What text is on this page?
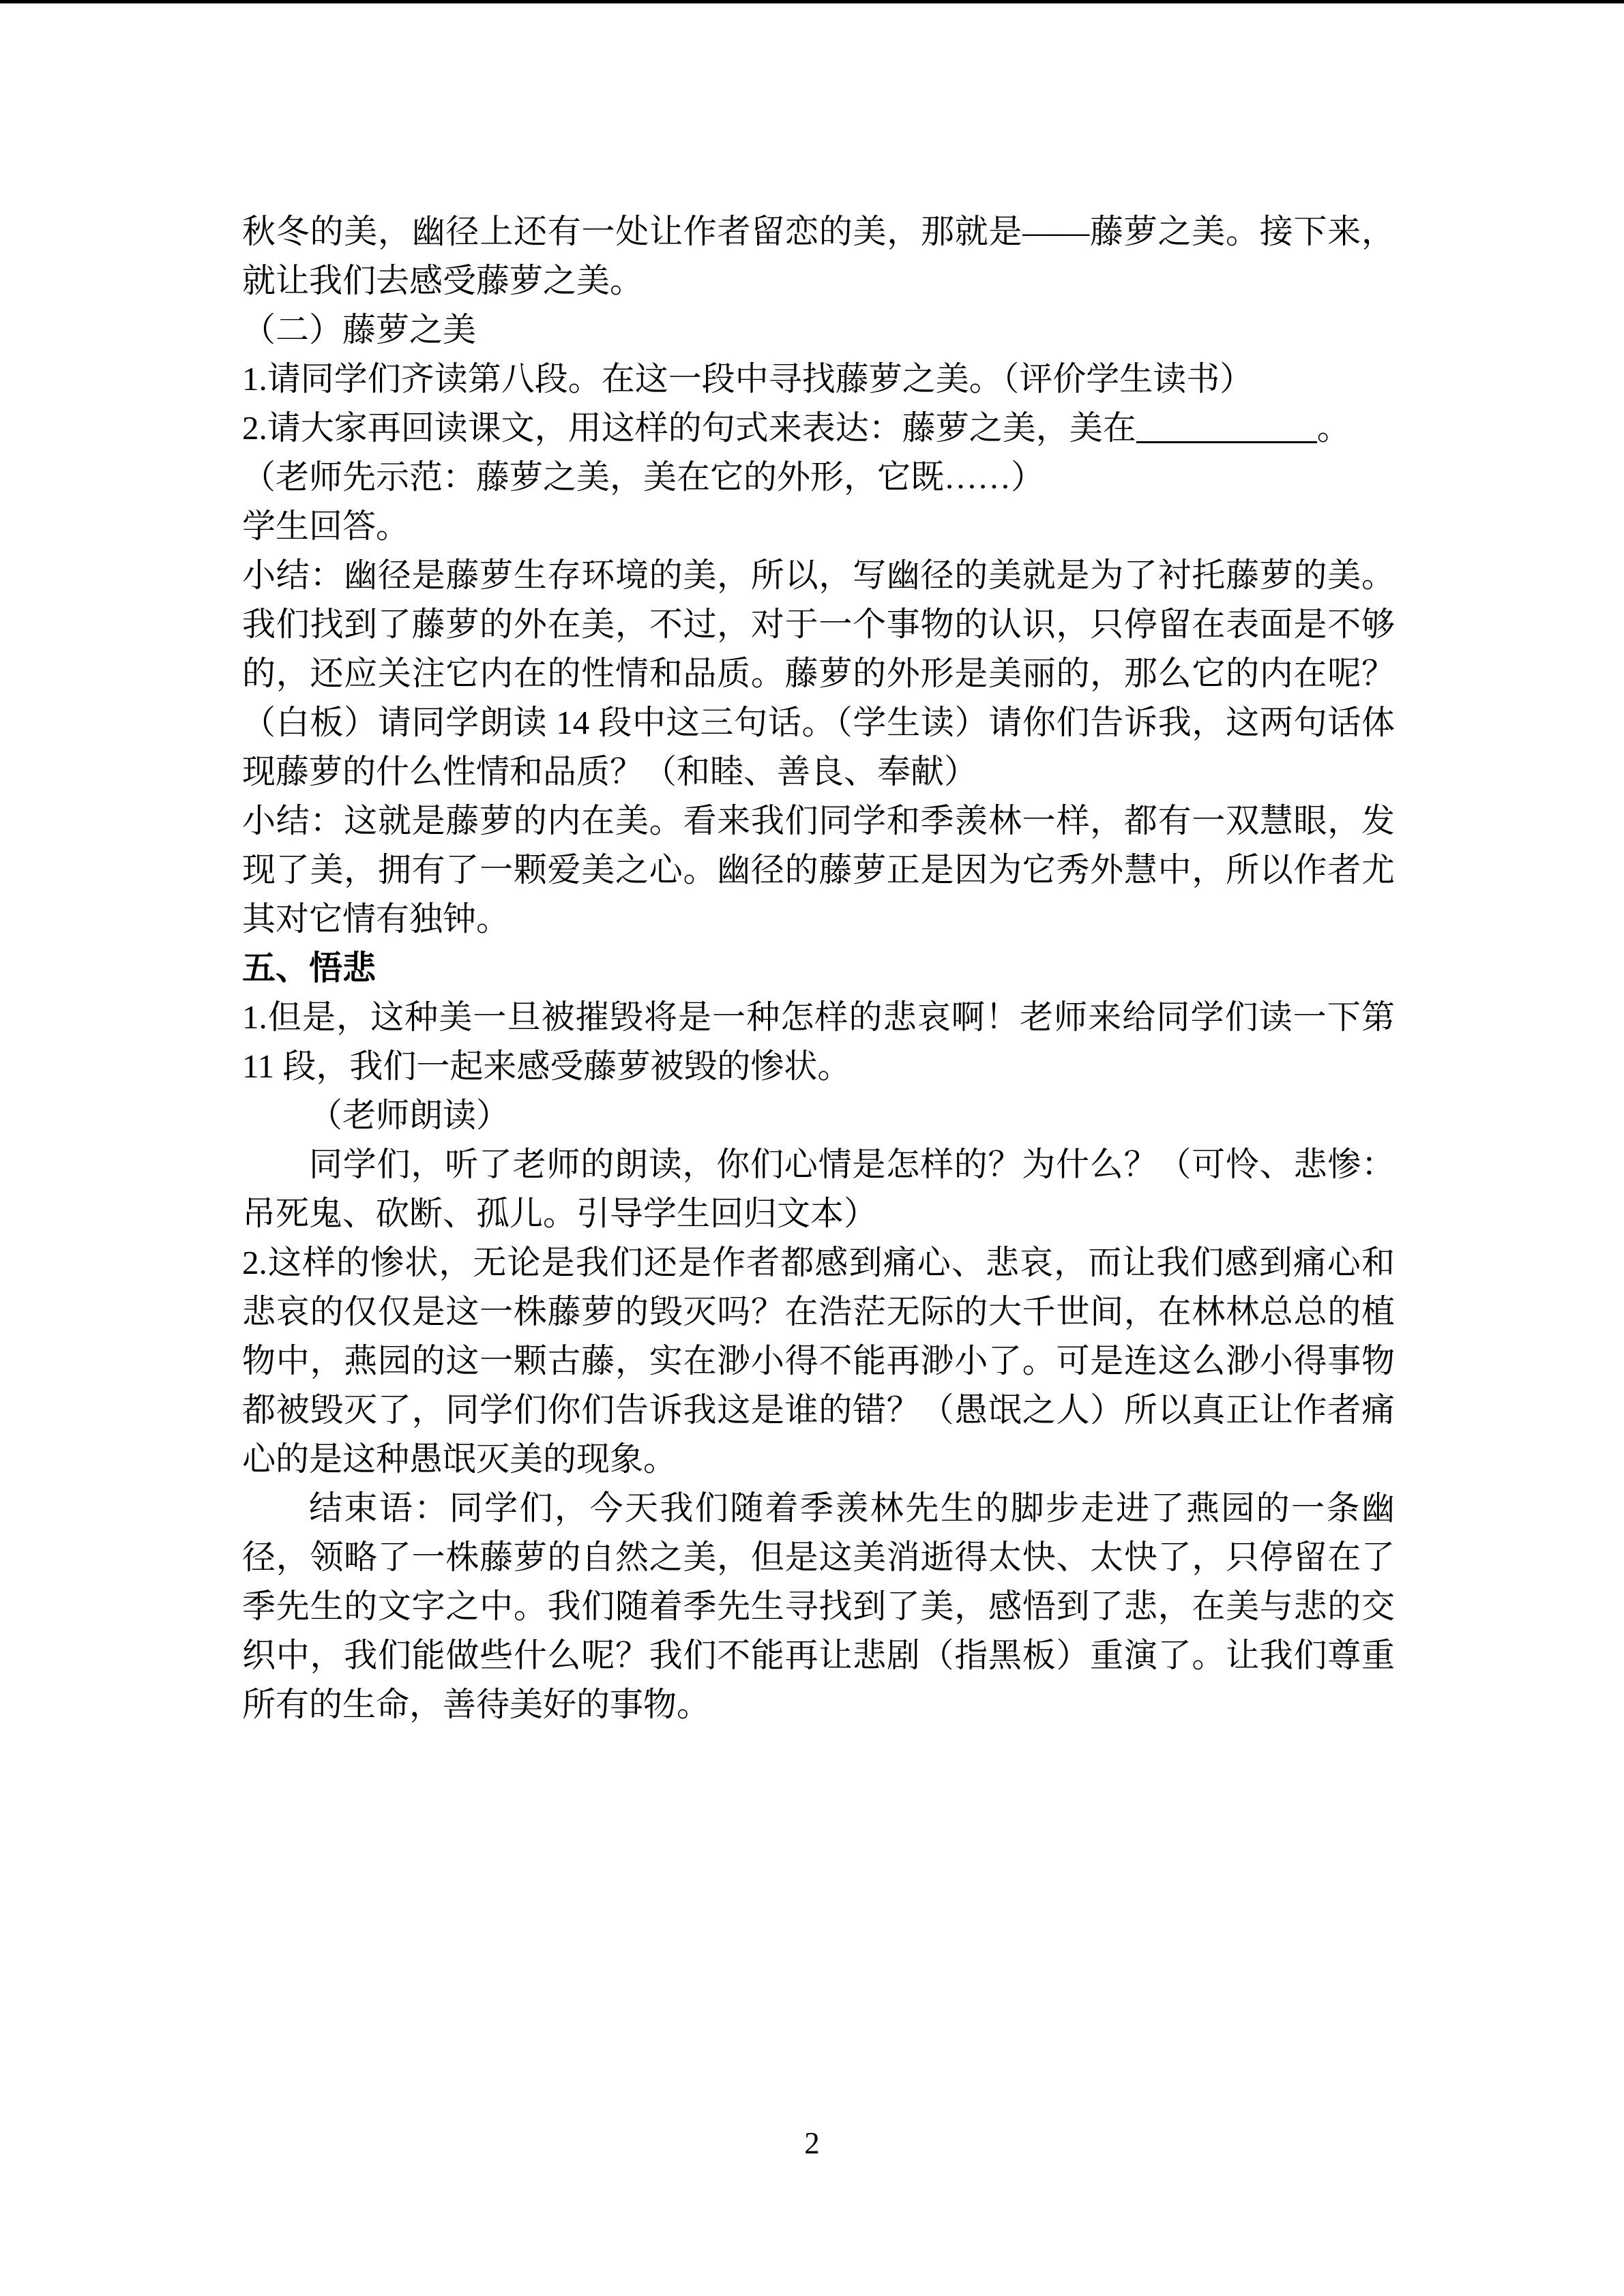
秋冬的美，幽径上还有一处让作者留恋的美，那就是——藤萝之美。接下来，
就让我们去感受藤萝之美。
（二）藤萝之美
1.请同学们齐读第八段。在这一段中寻找藤萝之美。（评价学生读书）
2.请大家再回读课文，用这样的句式来表达：藤萝之美，美在	。
（老师先示范：藤萝之美，美在它的外形，它既……）
学生回答。
小结：幽径是藤萝生存环境的美，所以，写幽径的美就是为了衬托藤萝的美。
我们找到了藤萝的外在美，不过，对于一个事物的认识，只停留在表面是不够
的，还应关注它内在的性情和品质。藤萝的外形是美丽的，那么它的内在呢？
（白板）请同学朗读 14 段中这三句话。（学生读）请你们告诉我，这两句话体
现藤萝的什么性情和品质？（和睦、善良、奉献）
小结：这就是藤萝的内在美。看来我们同学和季羡林一样，都有一双慧眼，发
现了美，拥有了一颗爱美之心。幽径的藤萝正是因为它秀外慧中，所以作者尤
其对它情有独钟。
五、悟悲
1.但是，这种美一旦被摧毁将是一种怎样的悲哀啊！老师来给同学们读一下第
11 段，我们一起来感受藤萝被毁的惨状。
（老师朗读）
同学们，听了老师的朗读，你们心情是怎样的？为什么？（可怜、悲惨：
吊死鬼、砍断、孤儿。引导学生回归文本）
2.这样的惨状，无论是我们还是作者都感到痛心、悲哀，而让我们感到痛心和
悲哀的仅仅是这一株藤萝的毁灭吗？在浩茫无际的大千世间，在林林总总的植
物中，燕园的这一颗古藤，实在渺小得不能再渺小了。可是连这么渺小得事物
都被毁灭了，同学们你们告诉我这是谁的错？（愚氓之人）所以真正让作者痛
心的是这种愚氓灭美的现象。
结束语：同学们，今天我们随着季羡林先生的脚步走进了燕园的一条幽
径，领略了一株藤萝的自然之美，但是这美消逝得太快、太快了，只停留在了
季先生的文字之中。我们随着季先生寻找到了美，感悟到了悲，在美与悲的交
织中，我们能做些什么呢？我们不能再让悲剧（指黑板）重演了。让我们尊重
所有的生命，善待美好的事物。
2
